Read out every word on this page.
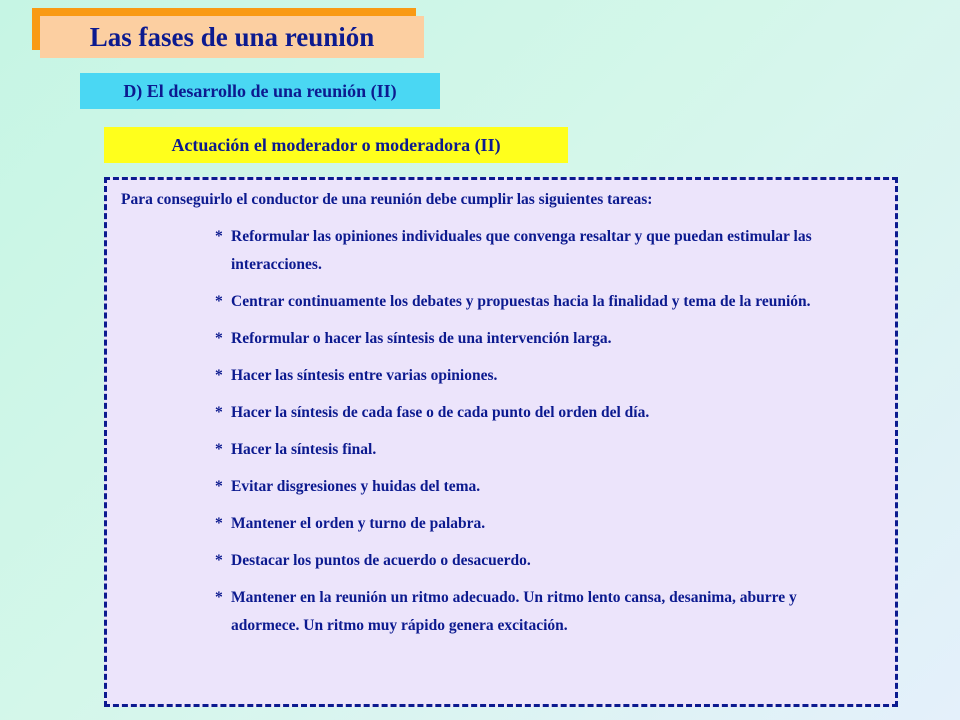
Las fases de una reunión
D) El desarrollo de una reunión (II)
Actuación el moderador o moderadora (II)

Para conseguirlo el conductor de una reunión debe cumplir las siguientes tareas:

* Reformular las opiniones individuales que convenga resaltar y que puedan estimular las interacciones.
* Centrar continuamente los debates y propuestas hacia la finalidad y tema de la reunión.
* Reformular o hacer las síntesis de una intervención larga.
* Hacer las síntesis entre varias opiniones.
* Hacer la síntesis de cada fase o de cada punto del orden del día.
* Hacer la síntesis final.
* Evitar disgresiones y huidas del tema.
* Mantener el orden y turno de palabra.
* Destacar los puntos de acuerdo o desacuerdo.
* Mantener en la reunión un ritmo adecuado. Un ritmo lento cansa, desanima, aburre y adormece. Un ritmo muy rápido genera excitación.
